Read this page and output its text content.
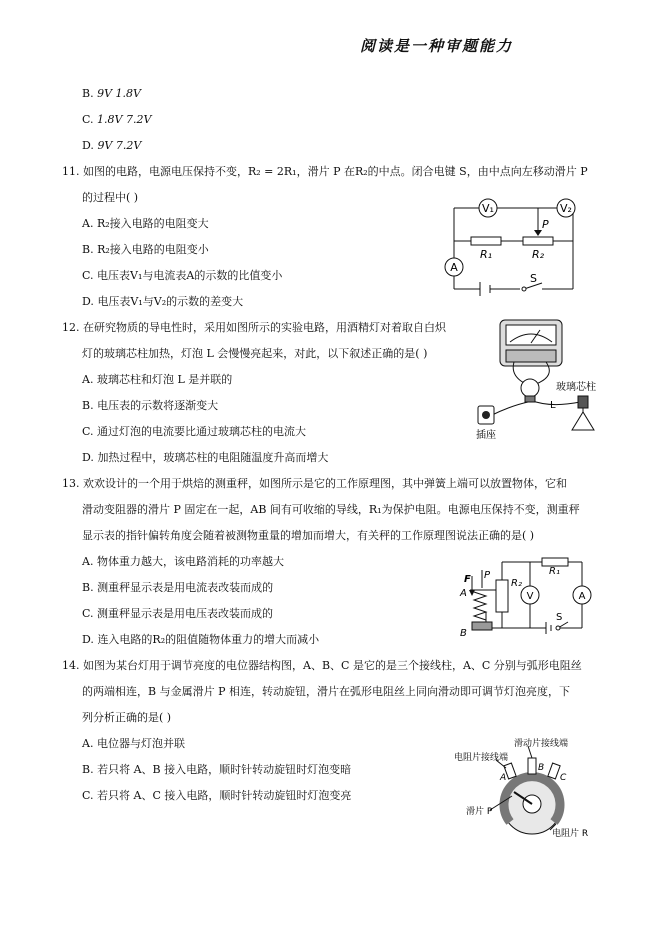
阅读是一种审题能力
B. 9V 1.8V
C. 1.8V 7.2V
D. 9V 7.2V
11. 如图的电路，电源电压保持不变，R₂ = 2R₁，滑片 P 在R₂的中点。闭合电键 S，由中点向左移动滑片 P
的过程中( )
A. R₂接入电路的电阻变大
B. R₂接入电路的电阻变小
C. 电压表V₁与电流表A的示数的比值变小
D. 电压表V₁与V₂的示数的差变大
V₁	V₂
A
R₁	R₂
P
S
12. 在研究物质的导电性时，采用如图所示的实验电路，用酒精灯对着取自白炽
灯的玻璃芯柱加热，灯泡 L 会慢慢亮起来，对此，以下叙述正确的是( )
A. 玻璃芯柱和灯泡 L 是并联的
B. 电压表的示数将逐渐变大
C. 通过灯泡的电流要比通过玻璃芯柱的电流大
D. 加热过程中，玻璃芯柱的电阻随温度升高而增大
玻璃芯柱
L
插座
13. 欢欢设计的一个用于烘焙的测重秤，如图所示是它的工作原理图，其中弹簧上端可以放置物体，它和
滑动变阻器的滑片 P 固定在一起，AB 间有可收缩的导线，R₁为保护电阻。电源电压保持不变，测重秤
显示表的指针偏转角度会随着被测物重量的增加而增大，有关秤的工作原理图说法正确的是( )
A. 物体重力越大，该电路消耗的功率越大
B. 测重秤显示表是用电流表改装而成的
C. 测重秤显示表是用电压表改装而成的
D. 连入电路的R₂的阻值随物体重力的增大而减小
F P
A
B
R₂
R₁
V	A
S
14. 如图为某台灯用于调节亮度的电位器结构图，A、B、C 是它的是三个接线柱，A、C 分别与弧形电阻丝
的两端相连，B 与金属滑片 P 相连，转动旋钮，滑片在弧形电阻丝上同向滑动即可调节灯泡亮度，下
列分析正确的是( )
A. 电位器与灯泡并联
B. 若只将 A、B 接入电路，顺时针转动旋钮时灯泡变暗
C. 若只将 A、C 接入电路，顺时针转动旋钮时灯泡变亮
滑动片接线端
电阻片接线端
A
B
C
滑片 P
电阻片 R
